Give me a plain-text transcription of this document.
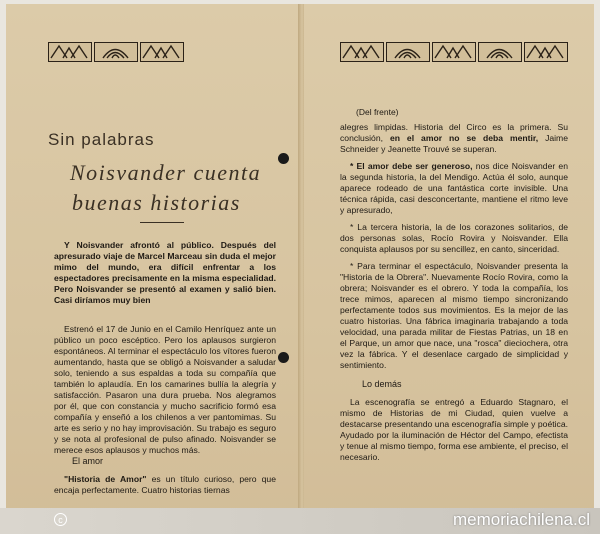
Sin palabras
Noisvander cuenta
buenas historias

Y Noisvander afrontó al público. Después del apresurado viaje de Marcel Marceau sin duda el mejor mimo del mundo, era difícil enfrentar a los espectadores precisamente en la misma especialidad. Pero Noisvander se presentó al examen y salió bien. Casi diríamos muy bien

Estrenó el 17 de Junio en el Camilo Henríquez ante un público un poco escéptico. Pero los aplausos surgieron espontáneos. Al terminar el espectáculo los vítores fueron aumentando, hasta que se obligó a Noisvander a saludar solo, teniendo a sus espaldas a toda su compañía que también lo aplaudía. En los camarines bullía la alegría y satisfacción. Pasaron una dura prueba. Nos alegramos por él, que con constancia y mucho sacrificio formó esa compañía y enseñó a los chilenos a ver pantomimas. Su arte es serio y no hay improvisación. Su trabajo es seguro y se nota al profesional de pulso afinado. Noisvander se merece esos aplausos y muchos más.

El amor

"Historia de Amor" es un título curioso, pero que encaja perfectamente. Cuatro historias tiernas

(Del frente)

alegres limpidas. Historia del Circo es la primera. Su conclusión, en el amor no se deba mentir, Jaime Schneider y Jeanette Trouvé se superan.

* El amor debe ser generoso, nos dice Noisvander en la segunda historia, la del Mendigo. Actúa él solo, aunque aparece rodeado de una fantástica corte invisible. Una técnica rápida, casi desconcertante, mantiene el ritmo leve y apresurado,

* La tercera historia, la de los corazones solitarios, de dos personas solas, Rocío Rovira y Noisvander. Ella conquista aplausos por su sencillez, en canto, sinceridad.

* Para terminar el espectáculo, Noisvander presenta la "Historia de la Obrera". Nuevamente Rocío Rovira, como la obrera; Noisvander es el obrero. Y toda la compañía, los trece mimos, aparecen al mismo tiempo sincronizando perfectamente todos sus movimientos. Es la mejor de las cuatro historias. Una fábrica imaginaria trabajando a toda velocidad, una parada militar de Fiestas Patrias, un 18 en el Parque, un amor que nace, una "rosca" dieciochera, otra vez la fábrica. Y el desenlace cargado de simplicidad y sentimiento.

Lo demás

La escenografía se entregó a Eduardo Stagnaro, el mismo de Historias de mi Ciudad, quien vuelve a destacarse presentando una escenografía simple y poética. Ayudado por la iluminación de Héctor del Campo, efectista y tenue al mismo tiempo, forma ese ambiente, el preciso, el necesario.

c	memoriachilena.cl
